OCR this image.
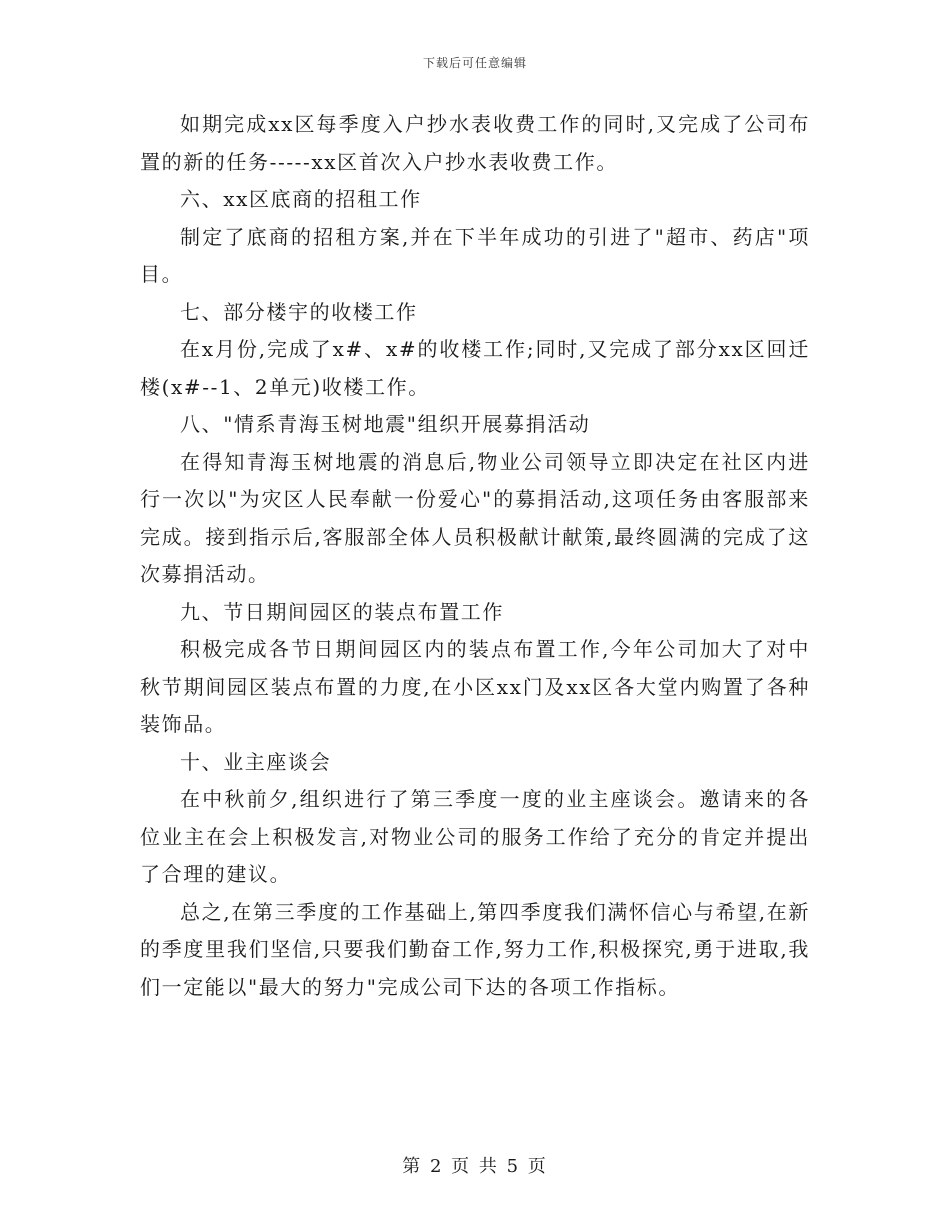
下载后可任意编辑

如期完成xx区每季度入户抄水表收费工作的同时,又完成了公司布置的新的任务-----xx区首次入户抄水表收费工作。

六、xx区底商的招租工作

制定了底商的招租方案,并在下半年成功的引进了"超市、药店"项目。

七、部分楼宇的收楼工作

在x月份,完成了x#、x#的收楼工作;同时,又完成了部分xx区回迁楼(x#--1、2单元)收楼工作。

八、"情系青海玉树地震"组织开展募捐活动

在得知青海玉树地震的消息后,物业公司领导立即决定在社区内进行一次以"为灾区人民奉献一份爱心"的募捐活动,这项任务由客服部来完成。接到指示后,客服部全体人员积极献计献策,最终圆满的完成了这次募捐活动。

九、节日期间园区的装点布置工作

积极完成各节日期间园区内的装点布置工作,今年公司加大了对中秋节期间园区装点布置的力度,在小区xx门及xx区各大堂内购置了各种装饰品。

十、业主座谈会

在中秋前夕,组织进行了第三季度一度的业主座谈会。邀请来的各位业主在会上积极发言,对物业公司的服务工作给了充分的肯定并提出了合理的建议。

总之,在第三季度的工作基础上,第四季度我们满怀信心与希望,在新的季度里我们坚信,只要我们勤奋工作,努力工作,积极探究,勇于进取,我们一定能以"最大的努力"完成公司下达的各项工作指标。

第 2 页 共 5 页
